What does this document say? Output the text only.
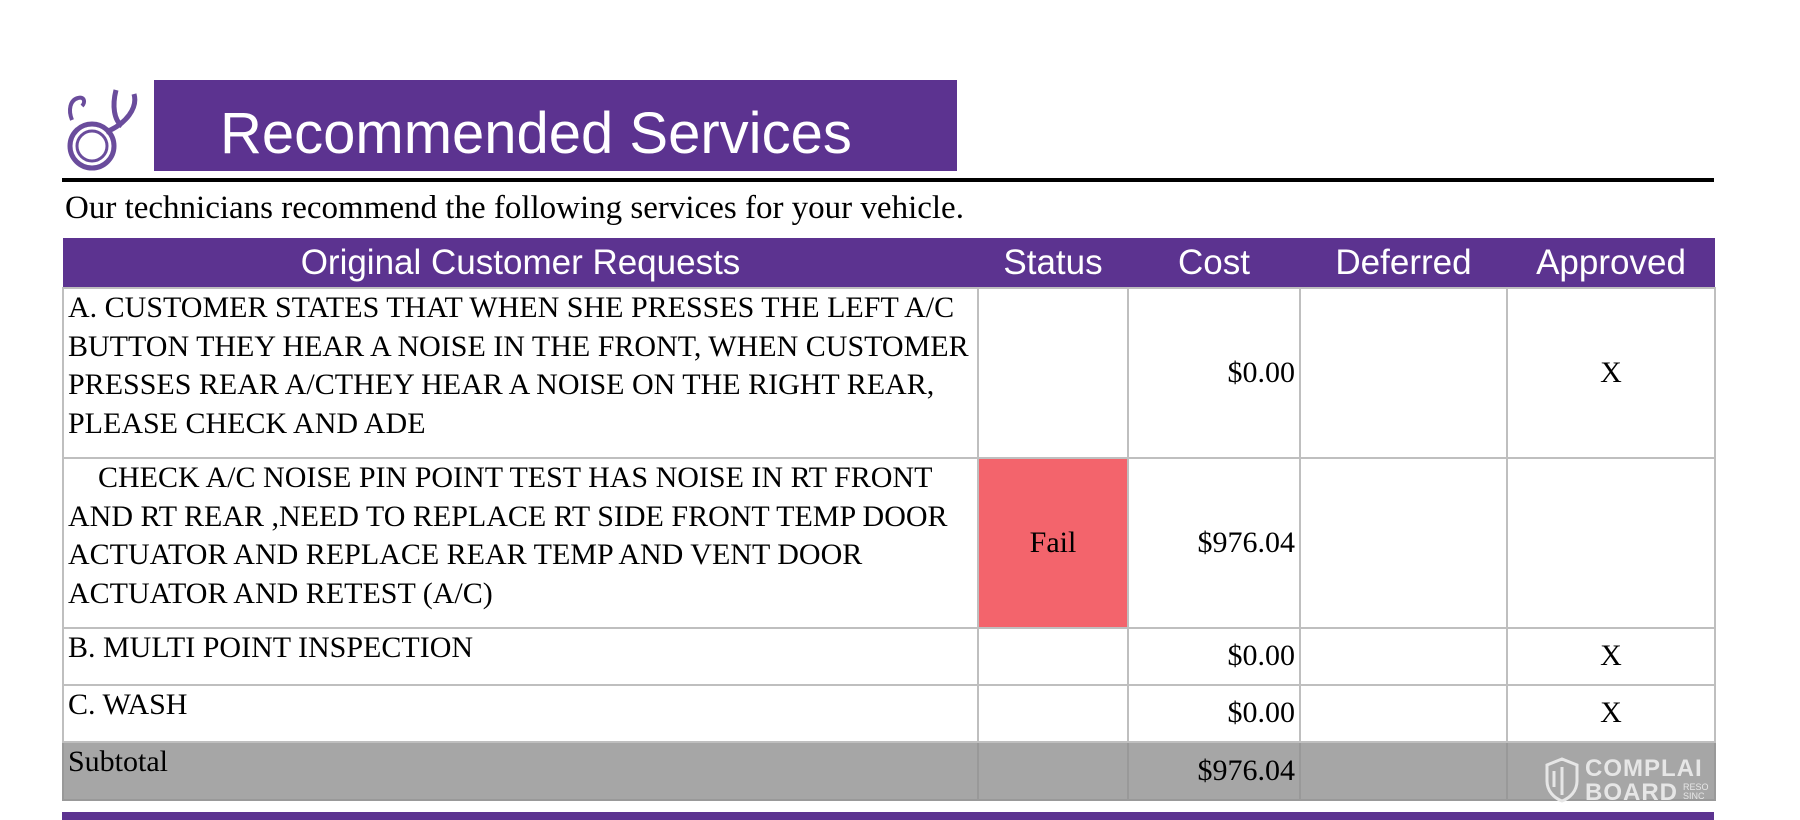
Recommended Services
Our technicians recommend the following services for your vehicle.
Original Customer Requests	Status	Cost	Deferred	Approved
A. CUSTOMER STATES THAT WHEN SHE PRESSES THE LEFT A/C BUTTON THEY HEAR A NOISE IN THE FRONT, WHEN CUSTOMER PRESSES REAR A/CTHEY HEAR A NOISE ON THE RIGHT REAR, PLEASE CHECK AND ADE		$0.00		X
CHECK A/C NOISE PIN POINT TEST HAS NOISE IN RT FRONT AND RT REAR ,NEED TO REPLACE RT SIDE FRONT TEMP DOOR ACTUATOR AND REPLACE REAR TEMP AND VENT DOOR ACTUATOR AND RETEST (A/C)	Fail	$976.04		
B. MULTI POINT INSPECTION		$0.00		X
C. WASH		$0.00		X
Subtotal		$976.04			COMPLAI
BOARD RESO
SINC
